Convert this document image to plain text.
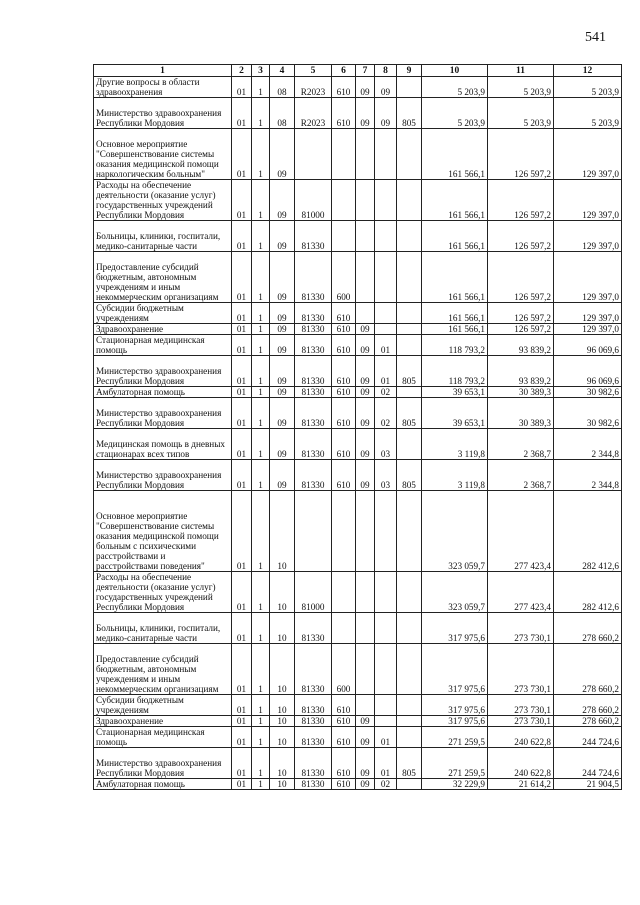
541
1	2	3	4	5	6	7	8	9	10	11	12
Другие вопросы в области здравоохранения	01	1	08	R2023	610	09	09		5 203,9	5 203,9	5 203,9
Министерство здравоохранения Республики Мордовия	01	1	08	R2023	610	09	09	805	5 203,9	5 203,9	5 203,9
Основное мероприятие "Совершенствование системы оказания медицинской помощи наркологическим больным"	01	1	09						161 566,1	126 597,2	129 397,0
Расходы на обеспечение деятельности (оказание услуг) государственных учреждений Республики Мордовия	01	1	09	81000					161 566,1	126 597,2	129 397,0
Больницы, клиники, госпитали, медико-санитарные части	01	1	09	81330					161 566,1	126 597,2	129 397,0
Предоставление субсидий бюджетным, автономным учреждениям и иным некоммерческим организациям	01	1	09	81330	600				161 566,1	126 597,2	129 397,0
Субсидии бюджетным учреждениям	01	1	09	81330	610				161 566,1	126 597,2	129 397,0
Здравоохранение	01	1	09	81330	610	09			161 566,1	126 597,2	129 397,0
Стационарная медицинская помощь	01	1	09	81330	610	09	01		118 793,2	93 839,2	96 069,6
Министерство здравоохранения Республики Мордовия	01	1	09	81330	610	09	01	805	118 793,2	93 839,2	96 069,6
Амбулаторная помощь	01	1	09	81330	610	09	02		39 653,1	30 389,3	30 982,6
Министерство здравоохранения Республики Мордовия	01	1	09	81330	610	09	02	805	39 653,1	30 389,3	30 982,6
Медицинская помощь в дневных стационарах всех типов	01	1	09	81330	610	09	03		3 119,8	2 368,7	2 344,8
Министерство здравоохранения Республики Мордовия	01	1	09	81330	610	09	03	805	3 119,8	2 368,7	2 344,8
Основное мероприятие "Совершенствование системы оказания медицинской помощи больным с психическими расстройствами и расстройствами поведения"	01	1	10						323 059,7	277 423,4	282 412,6
Расходы на обеспечение деятельности (оказание услуг) государственных учреждений Республики Мордовия	01	1	10	81000					323 059,7	277 423,4	282 412,6
Больницы, клиники, госпитали, медико-санитарные части	01	1	10	81330					317 975,6	273 730,1	278 660,2
Предоставление субсидий бюджетным, автономным учреждениям и иным некоммерческим организациям	01	1	10	81330	600				317 975,6	273 730,1	278 660,2
Субсидии бюджетным учреждениям	01	1	10	81330	610				317 975,6	273 730,1	278 660,2
Здравоохранение	01	1	10	81330	610	09			317 975,6	273 730,1	278 660,2
Стационарная медицинская помощь	01	1	10	81330	610	09	01		271 259,5	240 622,8	244 724,6
Министерство здравоохранения Республики Мордовия	01	1	10	81330	610	09	01	805	271 259,5	240 622,8	244 724,6
Амбулаторная помощь	01	1	10	81330	610	09	02		32 229,9	21 614,2	21 904,5
